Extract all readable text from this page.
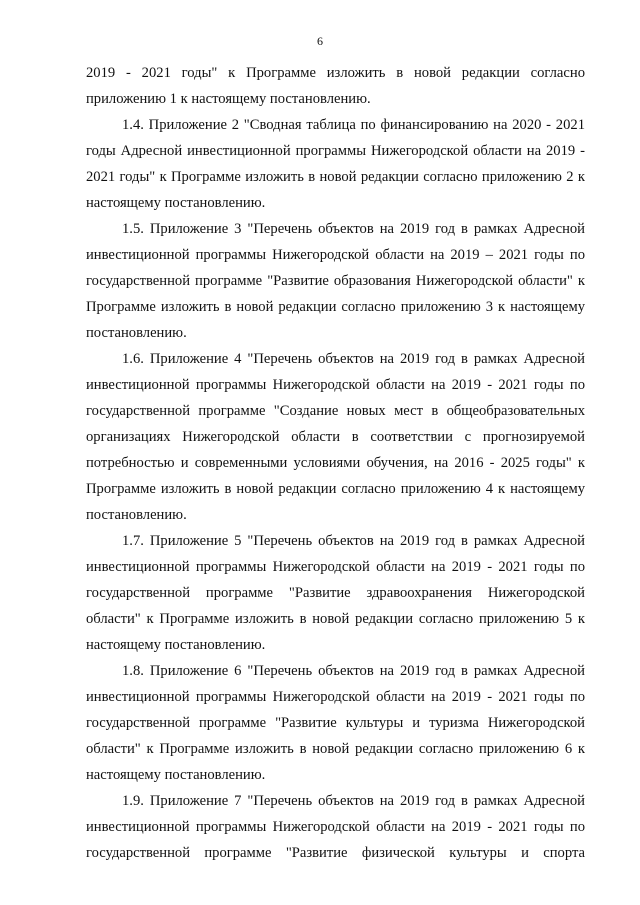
6

2019 - 2021 годы" к Программе изложить в новой редакции согласно приложению 1 к настоящему постановлению.

1.4. Приложение 2 "Сводная таблица по финансированию на 2020 - 2021 годы Адресной инвестиционной программы Нижегородской области на 2019 - 2021 годы" к Программе изложить в новой редакции согласно приложению 2 к настоящему постановлению.

1.5. Приложение 3 "Перечень объектов на 2019 год в рамках Адресной инвестиционной программы Нижегородской области на 2019 – 2021 годы по государственной программе "Развитие образования Нижегородской области" к Программе изложить в новой редакции согласно приложению 3 к настоящему постановлению.

1.6. Приложение 4 "Перечень объектов на 2019 год в рамках Адресной инвестиционной программы Нижегородской области на 2019 - 2021 годы по государственной программе "Создание новых мест в общеобразовательных организациях Нижегородской области в соответствии с прогнозируемой потребностью и современными условиями обучения, на 2016 - 2025 годы" к Программе изложить в новой редакции согласно приложению 4 к настоящему постановлению.

1.7. Приложение 5 "Перечень объектов на 2019 год в рамках Адресной инвестиционной программы Нижегородской области на 2019 - 2021 годы по государственной программе "Развитие здравоохранения Нижегородской области" к Программе изложить в новой редакции согласно приложению 5 к настоящему постановлению.

1.8. Приложение 6 "Перечень объектов на 2019 год в рамках Адресной инвестиционной программы Нижегородской области на 2019 - 2021 годы по государственной программе "Развитие культуры и туризма Нижегородской области" к Программе изложить в новой редакции согласно приложению 6 к настоящему постановлению.

1.9. Приложение 7 "Перечень объектов на 2019 год в рамках Адресной инвестиционной программы Нижегородской области на 2019 - 2021 годы по государственной программе "Развитие физической культуры и спорта
